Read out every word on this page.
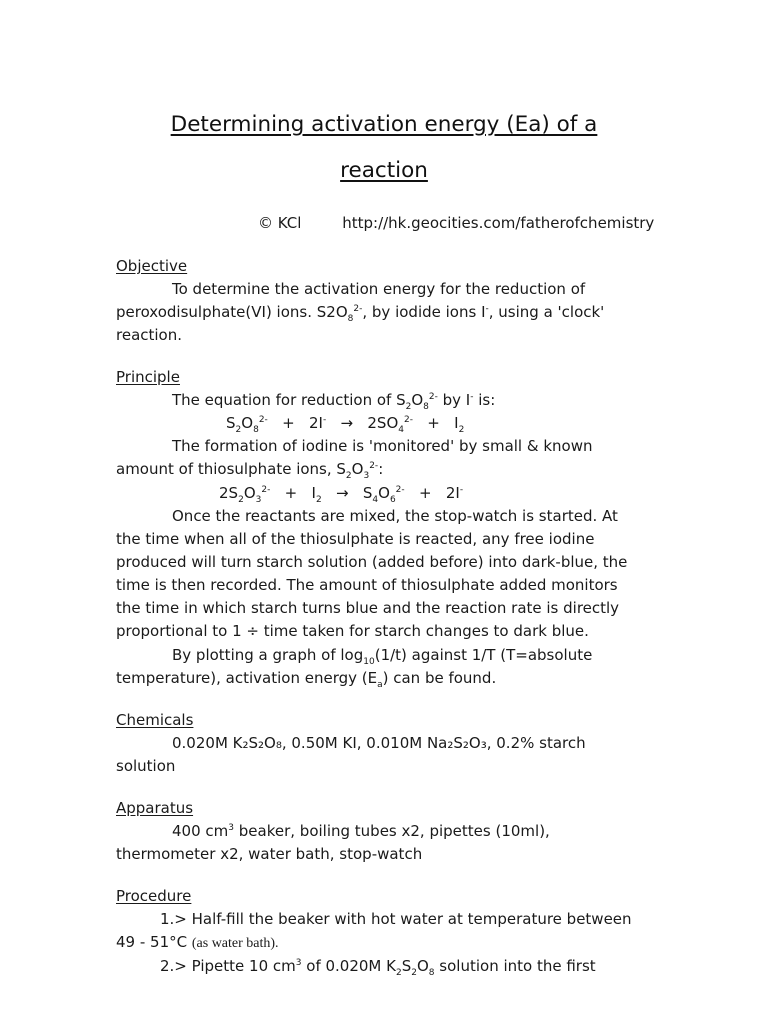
Determining activation energy (Ea) of a
reaction
© KCl	http://hk.geocities.com/fatherofchemistry
Objective
To determine the activation energy for the reduction of
peroxodisulphate(VI) ions. $S2O_8^{2-}$, by iodide ions I-, using a 'clock'
reaction.
Principle
The equation for reduction of $S_2O_8^{2-}$ by I- is:
$S_2O_8^{2-} + 2I^- \to 2SO_4^{2-} + I_2$
The formation of iodine is 'monitored' by small & known
amount of thiosulphate ions, $S_2O_3^{2-}$:
$2S_2O_3^{2-} + I_2 \to S_4O_6^{2-} + 2I^-$
Once the reactants are mixed, the stop-watch is started. At
the time when all of the thiosulphate is reacted, any free iodine
produced will turn starch solution (added before) into dark-blue, the
time is then recorded. The amount of thiosulphate added monitors
the time in which starch turns blue and the reaction rate is directly
proportional to 1 ÷ time taken for starch changes to dark blue.
By plotting a graph of $\log_{10}(1/t)$ against 1/T (T=absolute
temperature), activation energy $(E_a)$ can be found.
Chemicals
0.020M K₂S₂O₈, 0.50M KI, 0.010M Na₂S₂O₃, 0.2% starch
solution
Apparatus
400 $cm^3$ beaker, boiling tubes x2, pipettes (10ml),
thermometer x2, water bath, stop-watch
Procedure
1.> Half-fill the beaker with hot water at temperature between
49 - 51°C (as water bath).
2.> Pipette 10 $cm^3$ of 0.020M $K_2S_2O_8$ solution into the first
